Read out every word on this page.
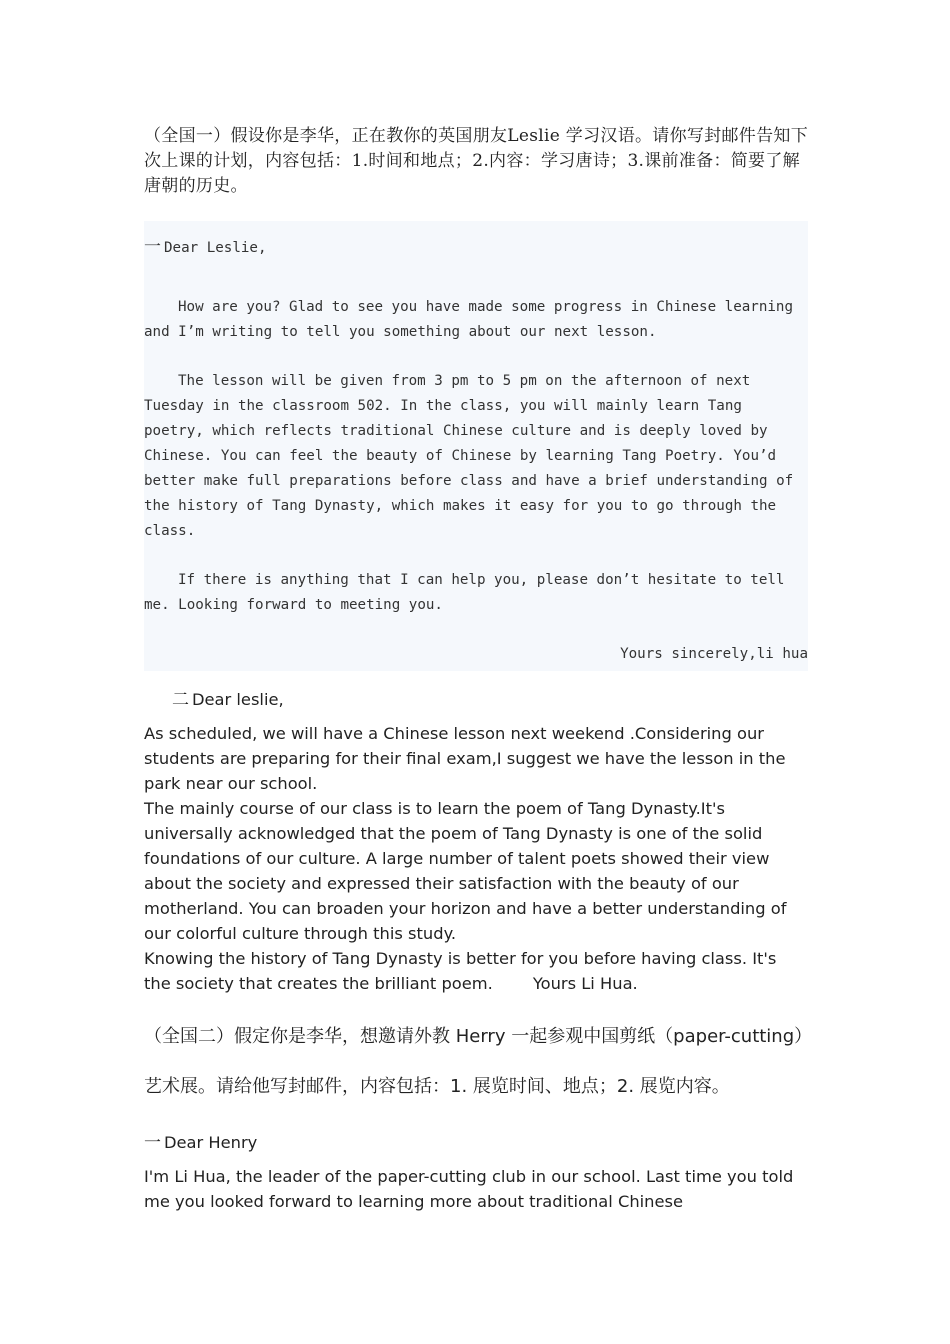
（全国一）假设你是李华，正在教你的英国朋友Leslie 学习汉语。请你写封邮件告知下次上课的计划，内容包括：1.时间和地点；2.内容：学习唐诗；3.课前准备：简要了解唐朝的历史。

一 Dear Leslie,

How are you? Glad to see you have made some progress in Chinese learning and I’m writing to tell you something about our next lesson.

The lesson will be given from 3 pm to 5 pm on the afternoon of next Tuesday in the classroom 502. In the class, you will mainly learn Tang poetry, which reflects traditional Chinese culture and is deeply loved by Chinese. You can feel the beauty of Chinese by learning Tang Poetry. You’d better make full preparations before class and have a brief understanding of the history of Tang Dynasty, which makes it easy for you to go through the class.

If there is anything that I can help you, please don’t hesitate to tell me. Looking forward to meeting you.

Yours sincerely,li hua

二 Dear leslie,

As scheduled, we will have a Chinese lesson next weekend .Considering our students are preparing for their final exam,I suggest we have the lesson in the park near our school.

The mainly course of our class is to learn the poem of Tang Dynasty.It's universally acknowledged that the poem of Tang Dynasty is one of the solid foundations of our culture. A large number of talent poets showed their view about the society and expressed their satisfaction with the beauty of our motherland. You can broaden your horizon and have a better understanding of our colorful culture through this study.

Knowing the history of Tang Dynasty is better for you before having class. It's the society that creates the brilliant poem. Yours Li Hua.

（全国二）假定你是李华，想邀请外教 Herry 一起参观中国剪纸（paper-cutting）艺术展。请给他写封邮件，内容包括：1. 展览时间、地点；2. 展览内容。

一 Dear Henry

I'm Li Hua, the leader of the paper-cutting club in our school. Last time you told me you looked forward to learning more about traditional Chinese
